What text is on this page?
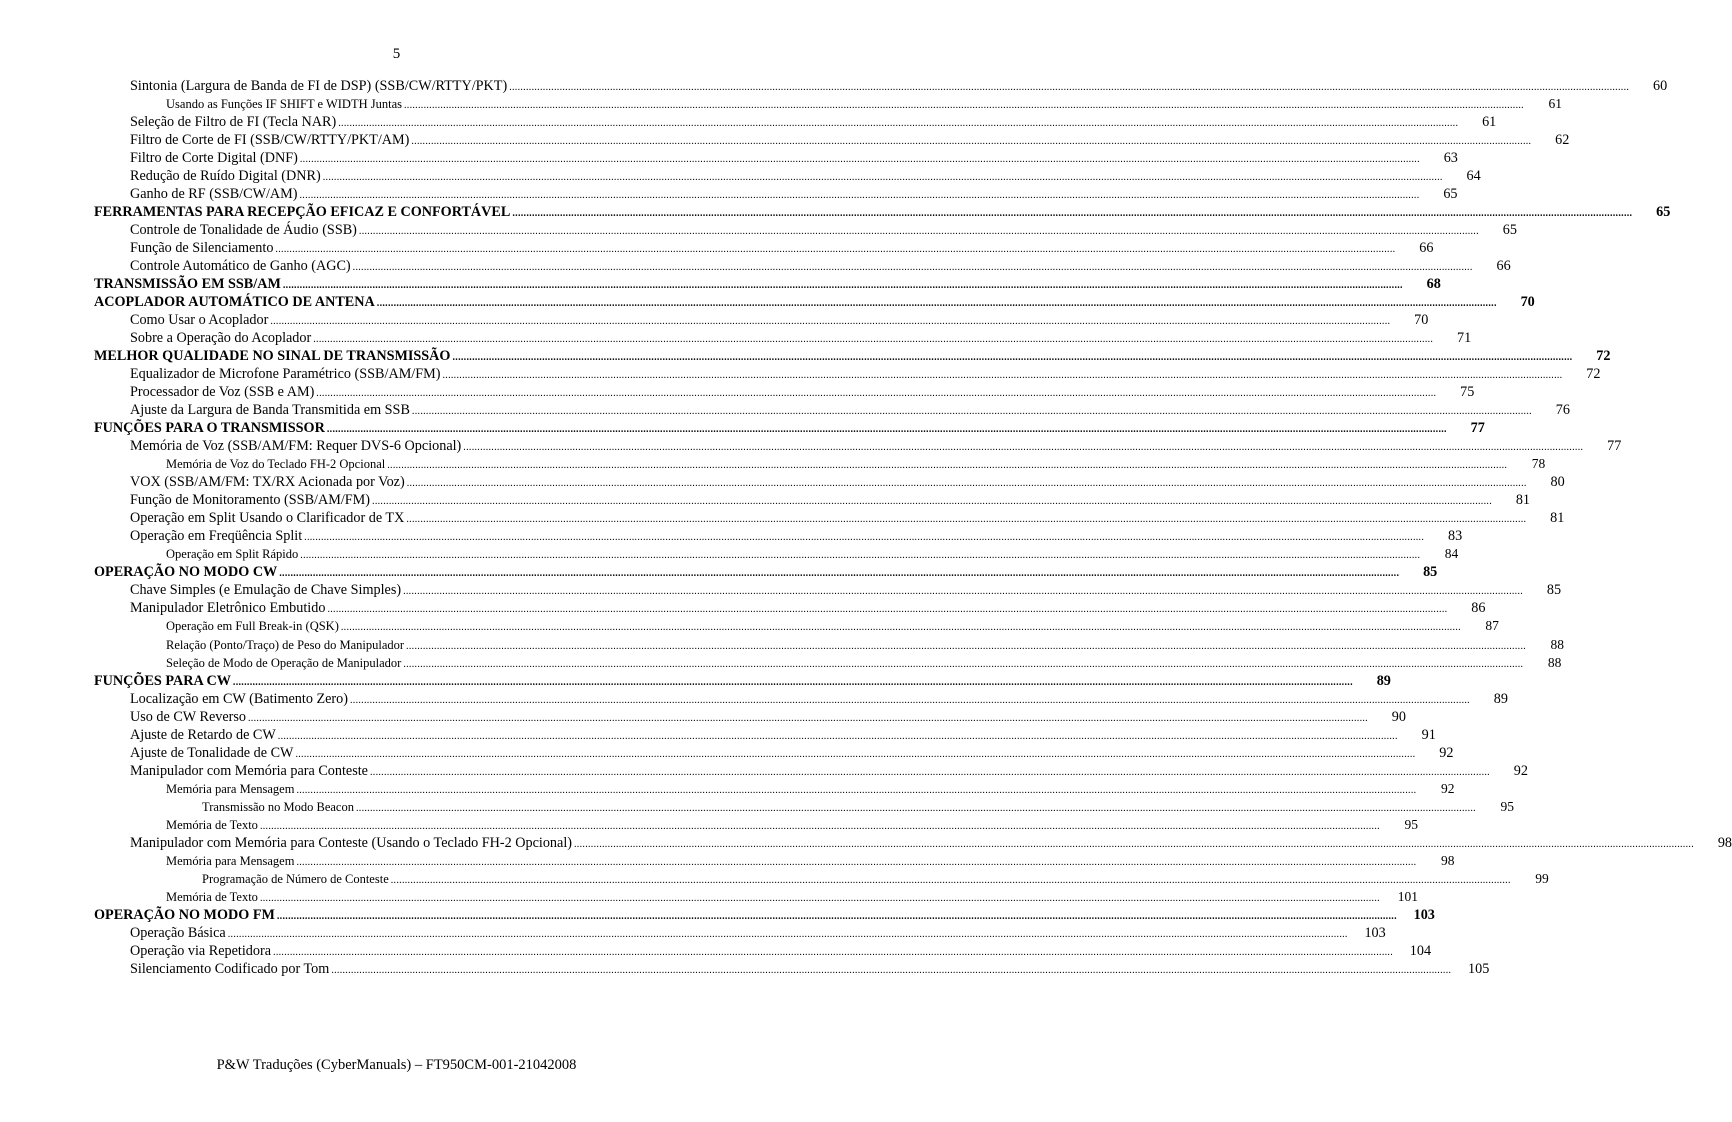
5
Sintonia (Largura de Banda de FI de DSP) (SSB/CW/RTTY/PKT) ................................................................................................................................................................................................................................................................................................................................................................................................................	60
Usando as Funções IF SHIFT e WIDTH Juntas ................................................................................................................................................................................................................................................................................................................................................................................................................	61
Seleção de Filtro de FI (Tecla NAR) ................................................................................................................................................................................................................................................................................................................................................................................................................	61
Filtro de Corte de FI (SSB/CW/RTTY/PKT/AM) ................................................................................................................................................................................................................................................................................................................................................................................................................	62
Filtro de Corte Digital (DNF) ................................................................................................................................................................................................................................................................................................................................................................................................................	63
Redução de Ruído Digital (DNR) ................................................................................................................................................................................................................................................................................................................................................................................................................	64
Ganho de RF (SSB/CW/AM) ................................................................................................................................................................................................................................................................................................................................................................................................................	65
FERRAMENTAS PARA RECEPÇÃO EFICAZ E CONFORTÁVEL ................................................................................................................................................................................................................................................................................................................................................................................................................	65
Controle de Tonalidade de Áudio (SSB) ................................................................................................................................................................................................................................................................................................................................................................................................................	65
Função de Silenciamento ................................................................................................................................................................................................................................................................................................................................................................................................................	66
Controle Automático de Ganho (AGC) ................................................................................................................................................................................................................................................................................................................................................................................................................	66
TRANSMISSÃO EM SSB/AM ................................................................................................................................................................................................................................................................................................................................................................................................................	68
ACOPLADOR AUTOMÁTICO DE ANTENA ................................................................................................................................................................................................................................................................................................................................................................................................................	70
Como Usar o Acoplador ................................................................................................................................................................................................................................................................................................................................................................................................................	70
Sobre a Operação do Acoplador ................................................................................................................................................................................................................................................................................................................................................................................................................	71
MELHOR QUALIDADE NO SINAL DE TRANSMISSÃO ................................................................................................................................................................................................................................................................................................................................................................................................................	72
Equalizador de Microfone Paramétrico (SSB/AM/FM) ................................................................................................................................................................................................................................................................................................................................................................................................................	72
Processador de Voz (SSB e AM) ................................................................................................................................................................................................................................................................................................................................................................................................................	75
Ajuste da Largura de Banda Transmitida em SSB ................................................................................................................................................................................................................................................................................................................................................................................................................	76
FUNÇÕES PARA O TRANSMISSOR ................................................................................................................................................................................................................................................................................................................................................................................................................	77
Memória de Voz (SSB/AM/FM: Requer DVS-6 Opcional) ................................................................................................................................................................................................................................................................................................................................................................................................................	77
Memória de Voz do Teclado FH-2 Opcional ................................................................................................................................................................................................................................................................................................................................................................................................................	78
VOX (SSB/AM/FM: TX/RX Acionada por Voz) ................................................................................................................................................................................................................................................................................................................................................................................................................	80
Função de Monitoramento (SSB/AM/FM) ................................................................................................................................................................................................................................................................................................................................................................................................................	81
Operação em Split Usando o Clarificador de TX ................................................................................................................................................................................................................................................................................................................................................................................................................	81
Operação em Freqüência Split ................................................................................................................................................................................................................................................................................................................................................................................................................	83
Operação em Split Rápido ................................................................................................................................................................................................................................................................................................................................................................................................................	84
OPERAÇÃO NO MODO CW ................................................................................................................................................................................................................................................................................................................................................................................................................	85
Chave Simples (e Emulação de Chave Simples) ................................................................................................................................................................................................................................................................................................................................................................................................................	85
Manipulador Eletrônico Embutido ................................................................................................................................................................................................................................................................................................................................................................................................................	86
Operação em Full Break-in (QSK) ................................................................................................................................................................................................................................................................................................................................................................................................................	87
Relação (Ponto/Traço) de Peso do Manipulador ................................................................................................................................................................................................................................................................................................................................................................................................................	88
Seleção de Modo de Operação de Manipulador ................................................................................................................................................................................................................................................................................................................................................................................................................	88
FUNÇÕES PARA CW ................................................................................................................................................................................................................................................................................................................................................................................................................	89
Localização em CW (Batimento Zero) ................................................................................................................................................................................................................................................................................................................................................................................................................	89
Uso de CW Reverso ................................................................................................................................................................................................................................................................................................................................................................................................................	90
Ajuste de Retardo de CW ................................................................................................................................................................................................................................................................................................................................................................................................................	91
Ajuste de Tonalidade de CW ................................................................................................................................................................................................................................................................................................................................................................................................................	92
Manipulador com Memória para Conteste ................................................................................................................................................................................................................................................................................................................................................................................................................	92
Memória para Mensagem ................................................................................................................................................................................................................................................................................................................................................................................................................	92
Transmissão no Modo Beacon ................................................................................................................................................................................................................................................................................................................................................................................................................	95
Memória de Texto ................................................................................................................................................................................................................................................................................................................................................................................................................	95
Manipulador com Memória para Conteste (Usando o Teclado FH-2 Opcional) ................................................................................................................................................................................................................................................................................................................................................................................................................	98
Memória para Mensagem ................................................................................................................................................................................................................................................................................................................................................................................................................	98
Programação de Número de Conteste ................................................................................................................................................................................................................................................................................................................................................................................................................	99
Memória de Texto ................................................................................................................................................................................................................................................................................................................................................................................................................	101
OPERAÇÃO NO MODO FM ................................................................................................................................................................................................................................................................................................................................................................................................................	103
Operação Básica ................................................................................................................................................................................................................................................................................................................................................................................................................	103
Operação via Repetidora ................................................................................................................................................................................................................................................................................................................................................................................................................	104
Silenciamento Codificado por Tom ................................................................................................................................................................................................................................................................................................................................................................................................................	105
P&W Traduções (CyberManuals) – FT950CM-001-21042008
